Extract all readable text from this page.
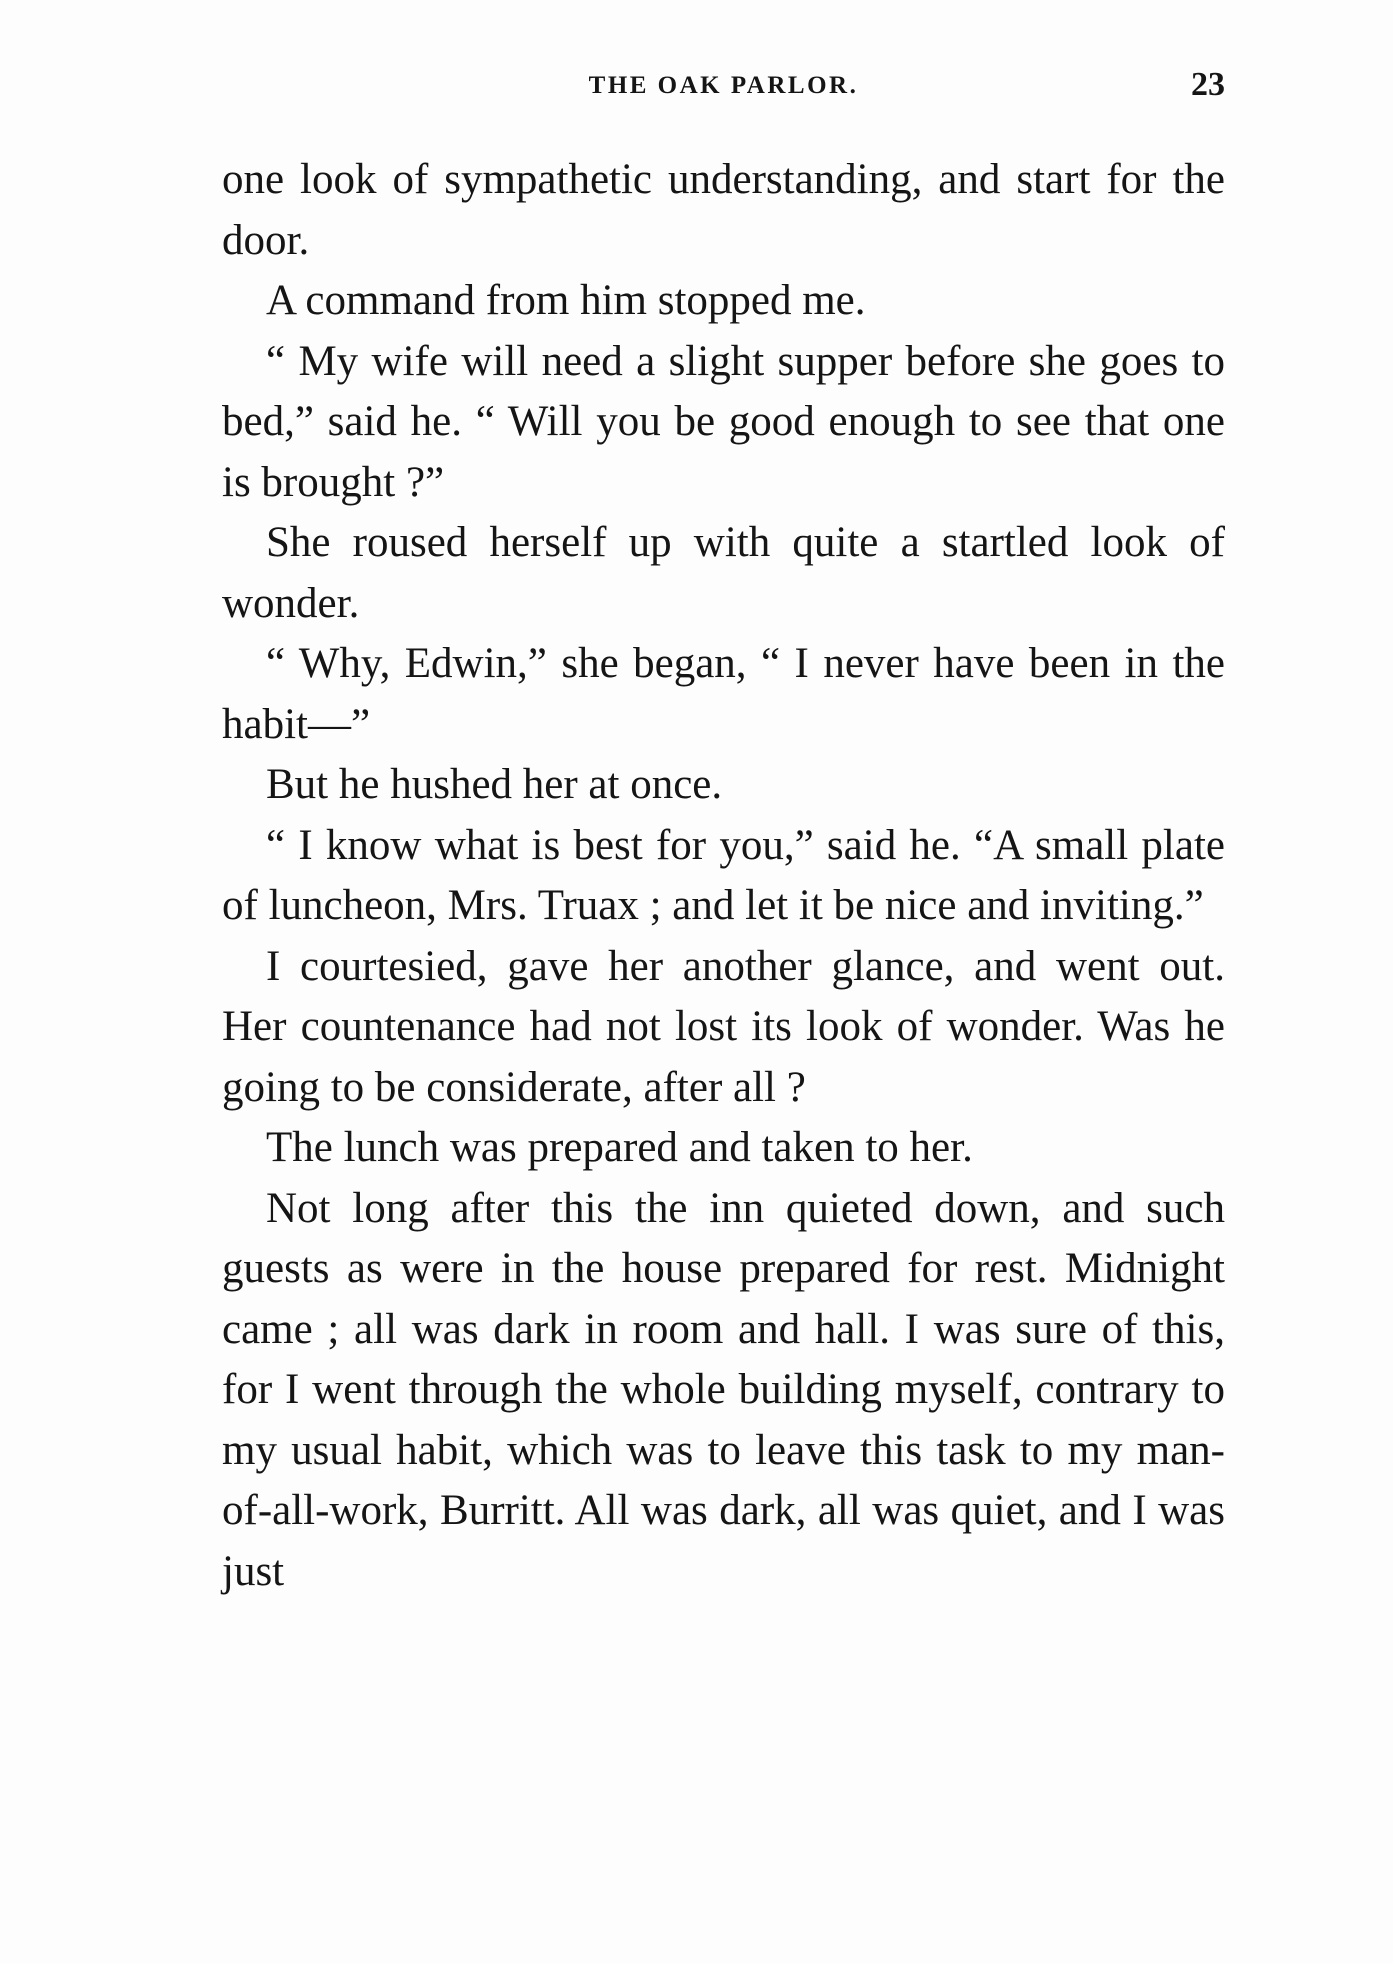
THE OAK PARLOR.	23

one look of sympathetic understanding, and start for the door.

A command from him stopped me.

“ My wife will need a slight supper before she goes to bed,” said he. “ Will you be good enough to see that one is brought ?”

She roused herself up with quite a startled look of wonder.

“ Why, Edwin,” she began, “ I never have been in the habit—”

But he hushed her at once.

“ I know what is best for you,” said he. “A small plate of luncheon, Mrs. Truax ; and let it be nice and inviting.”

I courtesied, gave her another glance, and went out. Her countenance had not lost its look of wonder. Was he going to be considerate, after all ?

The lunch was prepared and taken to her.

Not long after this the inn quieted down, and such guests as were in the house prepared for rest. Midnight came ; all was dark in room and hall. I was sure of this, for I went through the whole building myself, contrary to my usual habit, which was to leave this task to my man-of-all-work, Burritt. All was dark, all was quiet, and I was just
